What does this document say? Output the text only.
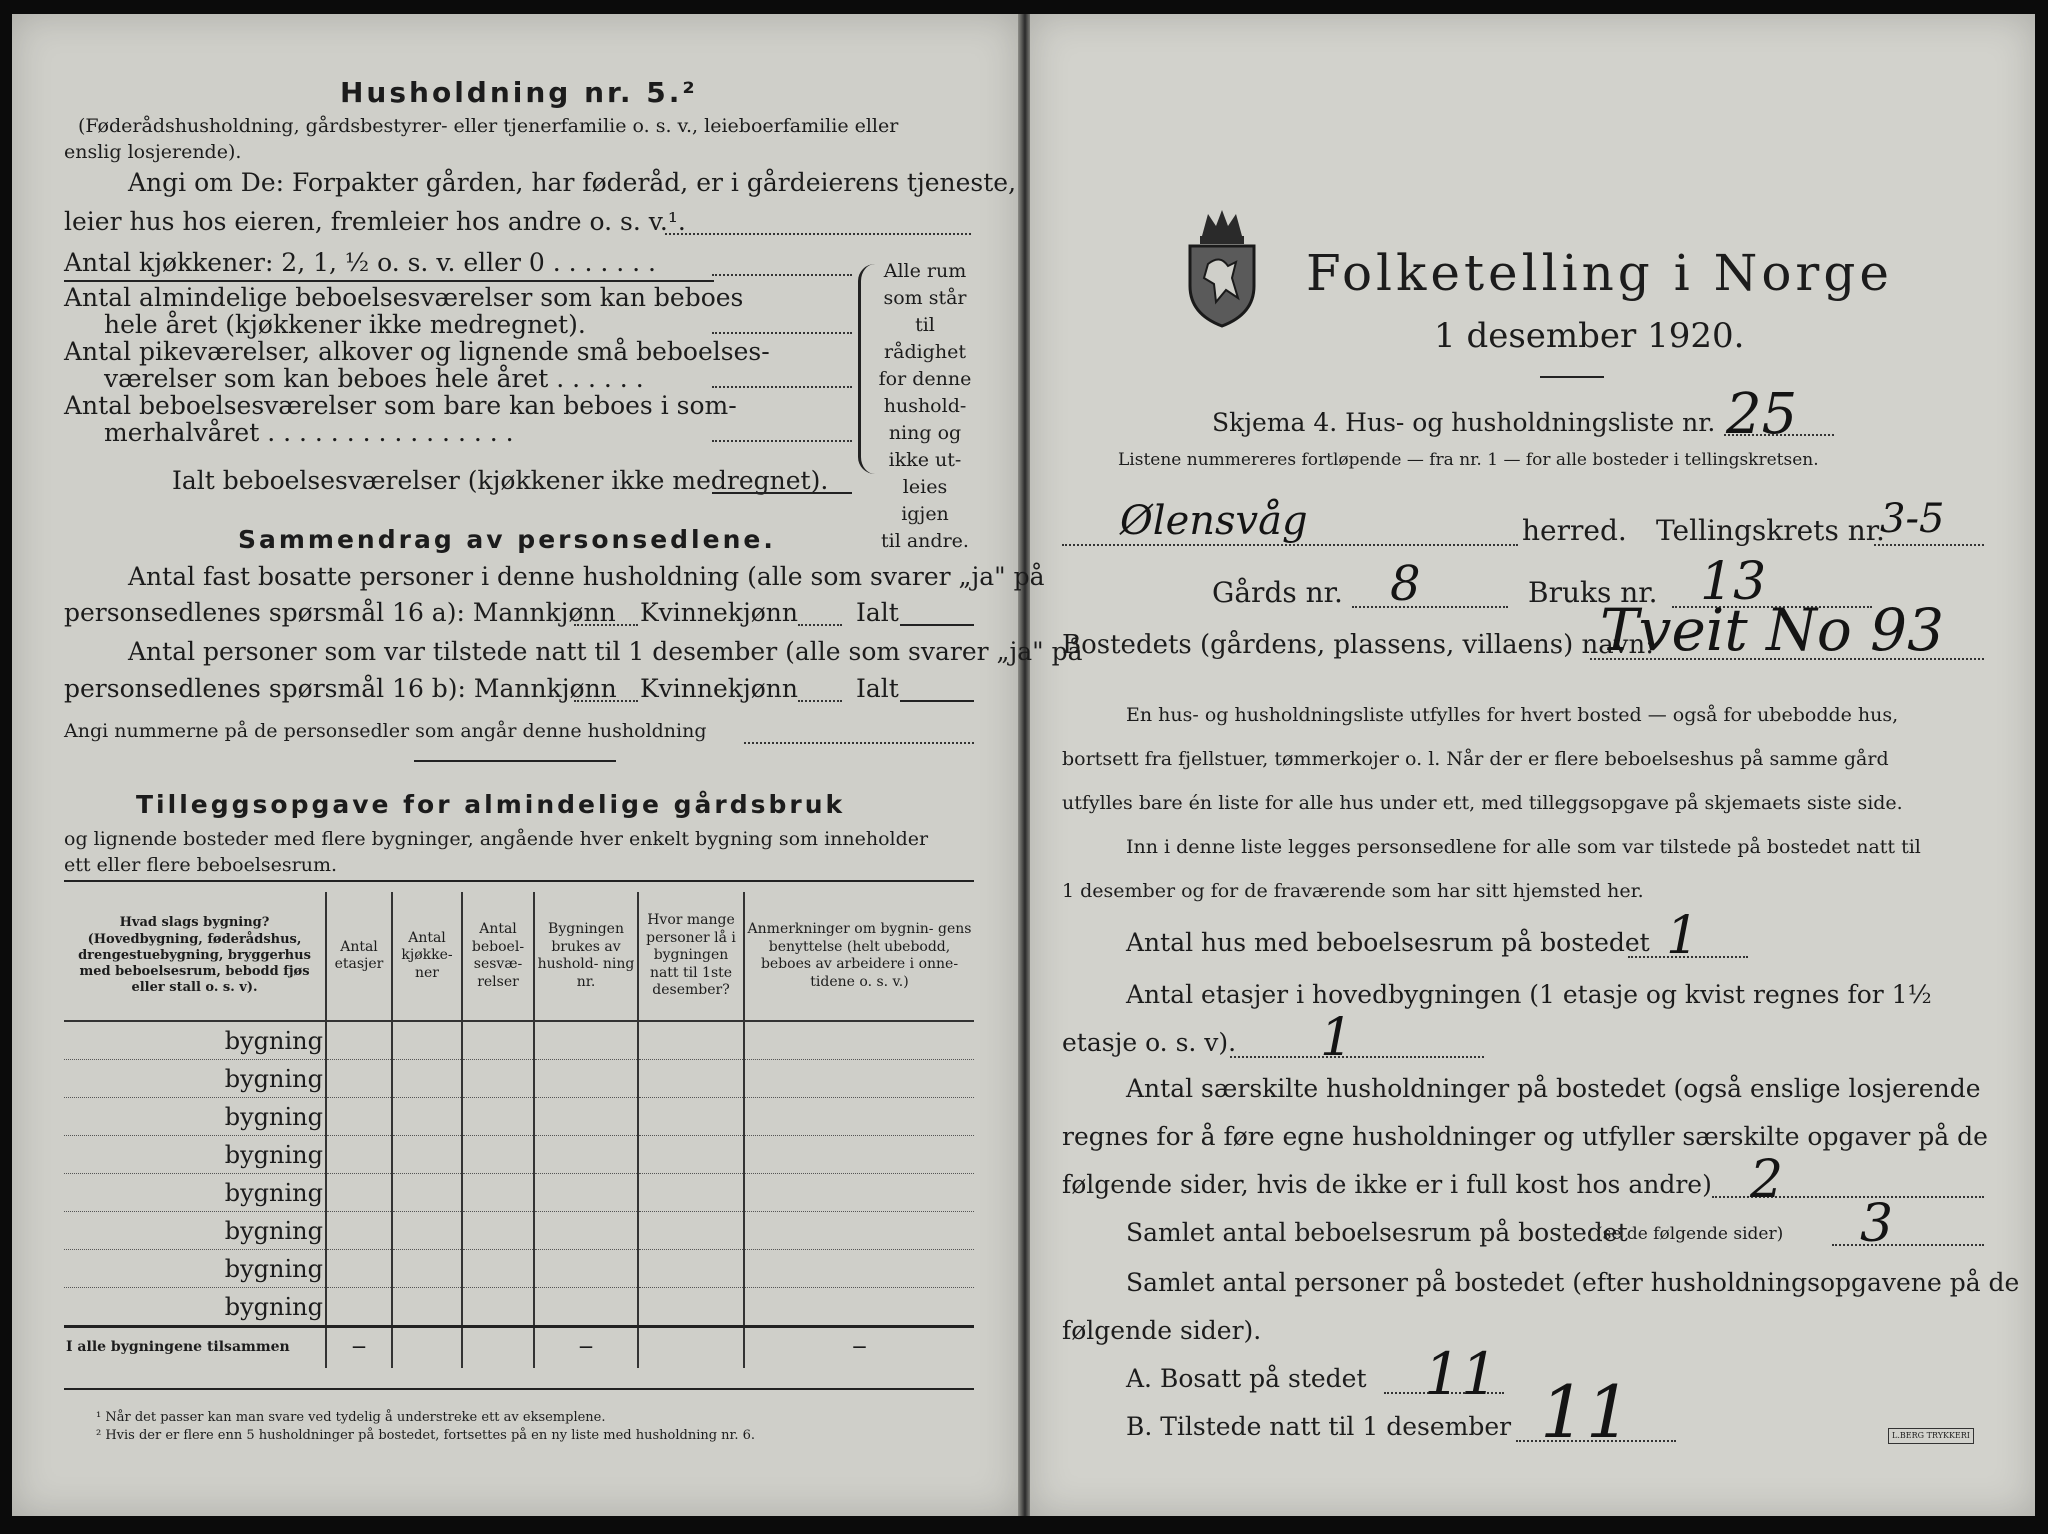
Husholdning nr. 5.²
(Føderådshusholdning, gårdsbestyrer- eller tjenerfamilie o. s. v., leieboerfamilie eller
enslig losjerende).
Angi om De: Forpakter gården, har føderåd, er i gårdeierens tjeneste,
leier hus hos eieren, fremleier hos andre o. s. v.¹.
Antal kjøkkener: 2, 1, ½ o. s. v. eller 0 . . . . . . .
Antal almindelige beboelsesværelser som kan beboes
hele året (kjøkkener ikke medregnet).
Antal pikeværelser, alkover og lignende små beboelses-
værelser som kan beboes hele året . . . . . .
Antal beboelsesværelser som bare kan beboes i som-
merhalvåret . . . . . . . . . . . . . . . .
Ialt beboelsesværelser (kjøkkener ikke medregnet).
Alle rum
som står til
rådighet
for denne
hushold-
ning og
ikke ut-
leies igjen
til andre.
Sammendrag av personsedlene.
Antal fast bosatte personer i denne husholdning (alle som svarer „ja" på
personsedlenes spørsmål 16 a): Mannkjønn Kvinnekjønn Ialt
Antal personer som var tilstede natt til 1 desember (alle som svarer „ja" på
personsedlenes spørsmål 16 b): Mannkjønn Kvinnekjønn Ialt
Angi nummerne på de personsedler som angår denne husholdning
Tilleggsopgave for almindelige gårdsbruk
og lignende bosteder med flere bygninger, angående hver enkelt bygning som inneholder
ett eller flere beboelsesrum.
Hvad slags bygning?
(Hovedbygning, føderådshus, drengestuebygning, bryggerhus med beboelsesrum, bebodd fjøs eller stall o. s. v).	Antal etasjer	Antal kjøkke- ner	Antal beboel- sesvæ- relser	Bygningen brukes av hushold- ning nr.	Hvor mange personer lå i bygningen natt til 1ste desember?	Anmerkninger om bygnin- gens benyttelse (helt ubebodd, beboes av arbeidere i onne- tidene o. s. v.)
bygning						
bygning						
bygning						
bygning						
bygning						
bygning						
bygning						
bygning						
I alle bygningene tilsammen	—			—		—
¹ Når det passer kan man svare ved tydelig å understreke ett av eksemplene.
² Hvis der er flere enn 5 husholdninger på bostedet, fortsettes på en ny liste med husholdning nr. 6.
Folketelling i Norge
1 desember 1920.
Skjema 4. Hus- og husholdningsliste nr. 25
Listene nummereres fortløpende — fra nr. 1 — for alle bosteder i tellingskretsen.
Ølensvåg	herred. Tellingskrets nr.
3-5
Gårds nr. 8	Bruks nr. 13
Bostedets (gårdens, plassens, villaens) navn:
Tveit No 93
En hus- og husholdningsliste utfylles for hvert bosted — også for ubebodde hus,
bortsett fra fjellstuer, tømmerkojer o. l. Når der er flere beboelseshus på samme gård
utfylles bare én liste for alle hus under ett, med tilleggsopgave på skjemaets siste side.
Inn i denne liste legges personsedlene for alle som var tilstede på bostedet natt til
1 desember og for de fraværende som har sitt hjemsted her.
Antal hus med beboelsesrum på bostedet 1
Antal etasjer i hovedbygningen (1 etasje og kvist regnes for 1½
etasje o. s. v). 1
Antal særskilte husholdninger på bostedet (også enslige losjerende
regnes for å føre egne husholdninger og utfyller særskilte opgaver på de
følgende sider, hvis de ikke er i full kost hos andre) 2
Samlet antal beboelsesrum på bostedet
(se de følgende sider) 3
Samlet antal personer på bostedet (efter husholdningsopgavene på de
følgende sider).
A. Bosatt på stedet 11
B. Tilstede natt til 1 desember 11	L.BERG TRYKKERI
